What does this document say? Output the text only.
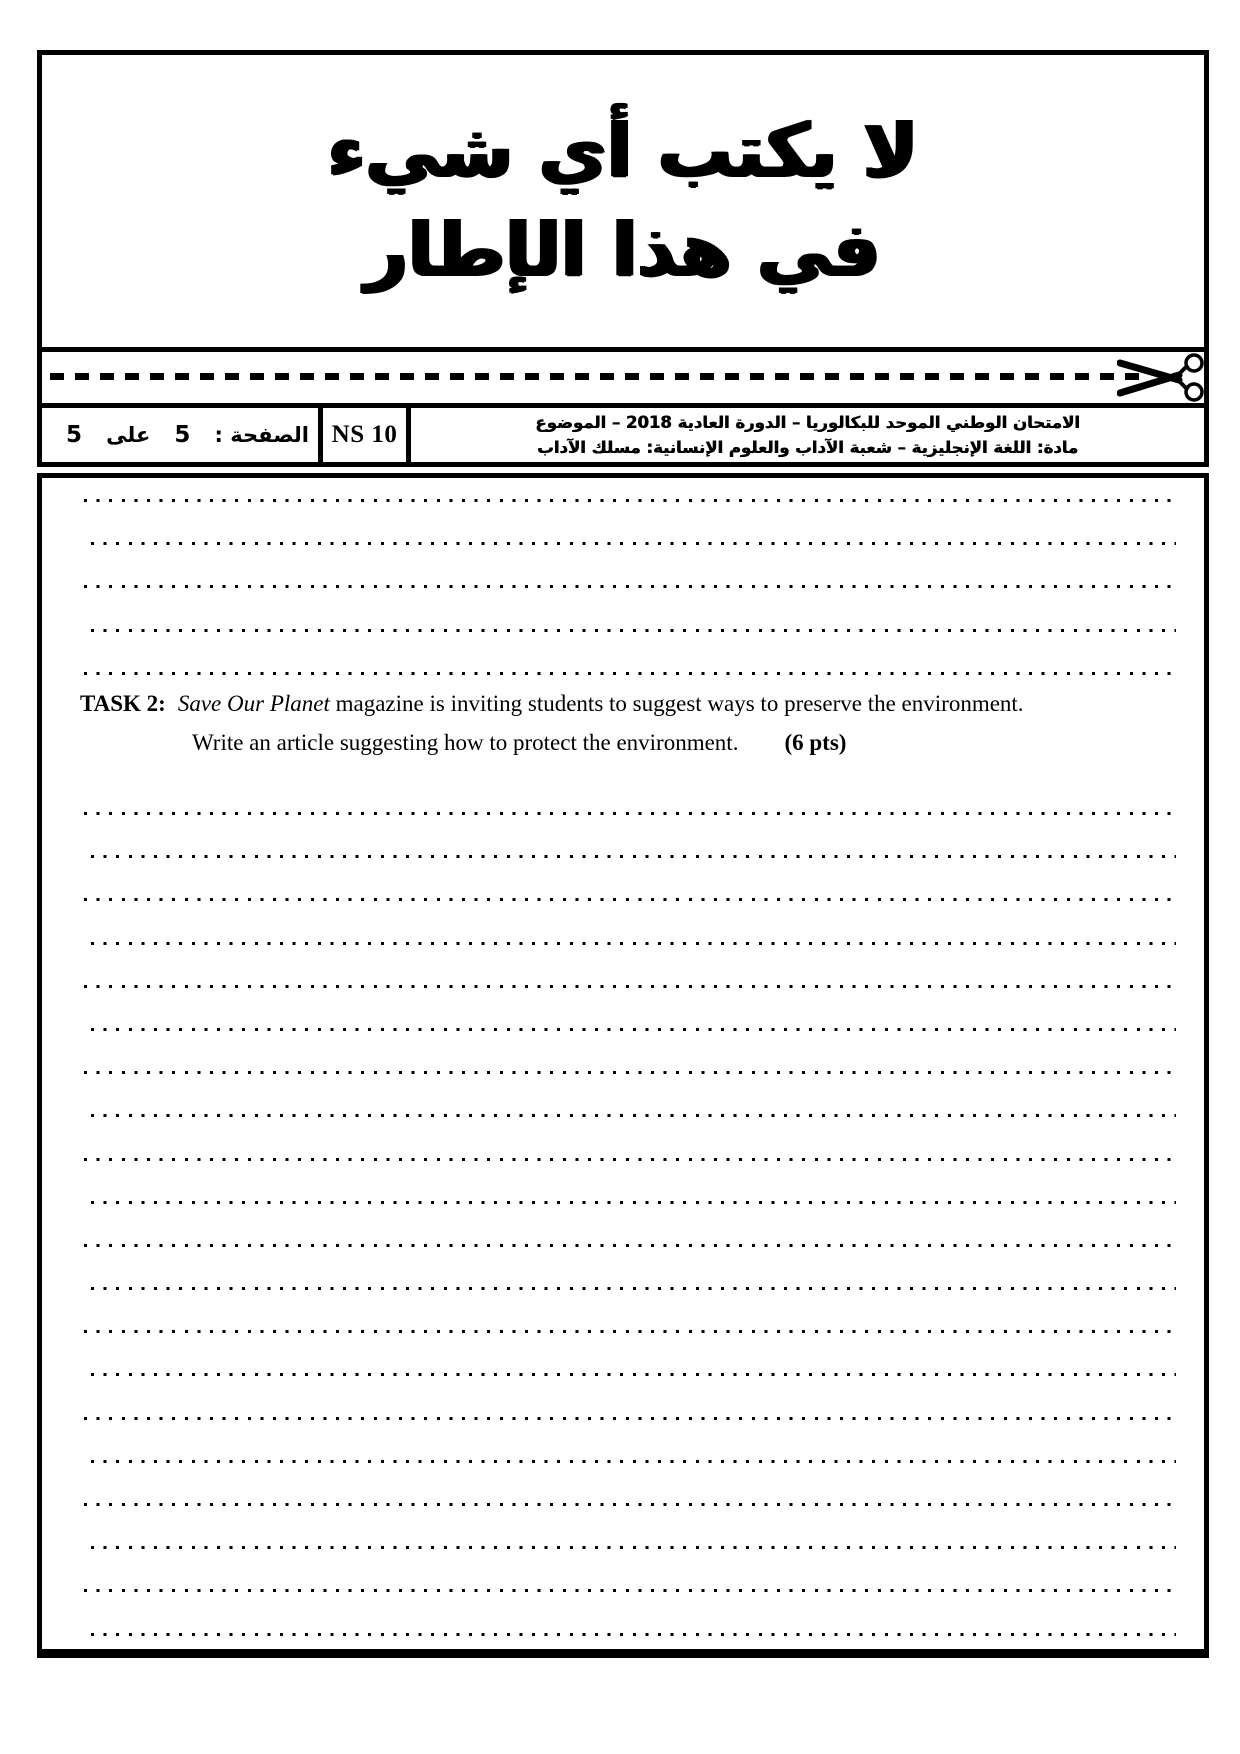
لا يكتب أي شيء
في هذا الإطار
الصفحة :
5
على
5	NS 10	الامتحان الوطني الموحد للبكالوريا – الدورة العادية 2018 – الموضوع
مادة: اللغة الإنجليزية – شعبة الآداب والعلوم الإنسانية: مسلك الآداب
TASK 2: Save Our Planet magazine is inviting students to suggest ways to preserve the environment.
Write an article suggesting how to protect the environment. (6 pts)
